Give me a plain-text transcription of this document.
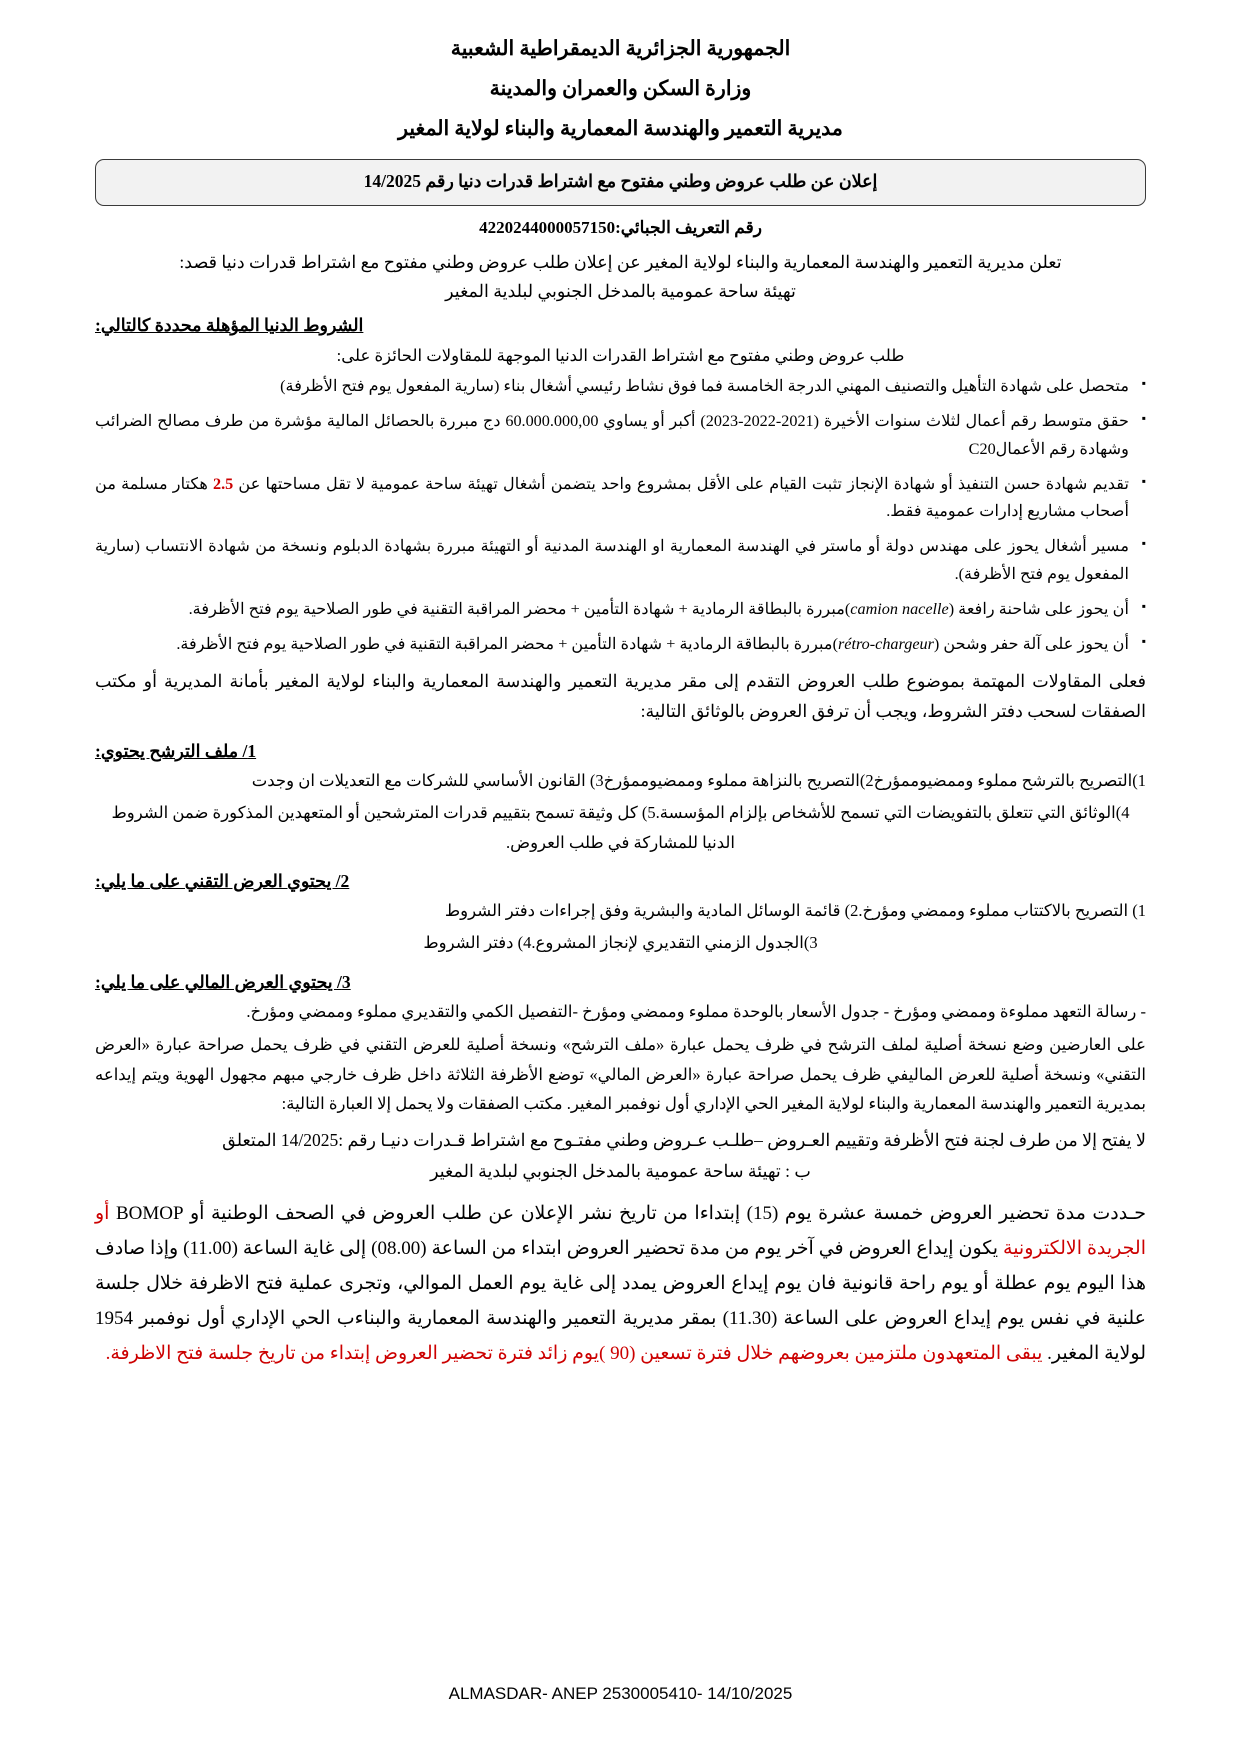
الجمهورية الجزائرية الديمقراطية الشعبية
وزارة السكن والعمران والمدينة
مديرية التعمير والهندسة المعمارية والبناء لولاية المغير
إعلان عن طلب عروض وطني مفتوح مع اشتراط قدرات دنيا رقم 14/2025
رقم التعريف الجبائي:4220244000057150
تعلن مديرية التعمير والهندسة المعمارية والبناء لولاية المغير عن إعلان طلب عروض وطني مفتوح مع اشتراط قدرات دنيا قصد:
تهيئة ساحة عمومية بالمدخل الجنوبي لبلدية المغير
الشروط الدنيا المؤهلة محددة كالتالي:
طلب عروض وطني مفتوح مع اشتراط القدرات الدنيا الموجهة للمقاولات الحائزة على:
▪ متحصل على شهادة التأهيل والتصنيف المهني الدرجة الخامسة فما فوق نشاط رئيسي أشغال بناء (سارية المفعول يوم فتح الأظرفة)
▪ حقق متوسط رقم أعمال لثلاث سنوات الأخيرة (2021-2022-2023) أكبر أو يساوي 60.000.000,00 دج مبررة بالحصائل المالية مؤشرة من طرف مصالح الضرائب وشهادة رقم الأعمالC20
▪ تقديم شهادة حسن التنفيذ أو شهادة الإنجاز تثبت القيام على الأقل بمشروع واحد يتضمن أشغال تهيئة ساحة عمومية لا تقل مساحتها عن 2.5 هكتار مسلمة من أصحاب مشاريع إدارات عمومية فقط.
▪ مسير أشغال يحوز على مهندس دولة أو ماستر في الهندسة المعمارية او الهندسة المدنية أو التهيئة مبررة بشهادة الدبلوم ونسخة من شهادة الانتساب (سارية المفعول يوم فتح الأظرفة).
▪ أن يحوز على شاحنة رافعة (camion nacelle)مبررة بالبطاقة الرمادية + شهادة التأمين + محضر المراقبة التقنية في طور الصلاحية يوم فتح الأظرفة.
▪ أن يحوز على آلة حفر وشحن (rétro-chargeur)مبررة بالبطاقة الرمادية + شهادة التأمين + محضر المراقبة التقنية في طور الصلاحية يوم فتح الأظرفة.
فعلى المقاولات المهتمة بموضوع طلب العروض التقدم إلى مقر مديرية التعمير والهندسة المعمارية والبناء لولاية المغير بأمانة المديرية أو مكتب الصفقات لسحب دفتر الشروط، ويجب أن ترفق العروض بالوثائق التالية:
1/ ملف الترشح يحتوي:
1)التصريح بالترشح مملوء وممضيوممؤرخ2)التصريح بالنزاهة مملوء وممضيوممؤرخ3) القانون الأساسي للشركات مع التعديلات ان وجدت
4)الوثائق التي تتعلق بالتفويضات التي تسمح للأشخاص بإلزام المؤسسة.5) كل وثيقة تسمح بتقييم قدرات المترشحين أو المتعهدين المذكورة ضمن الشروط الدنيا للمشاركة في طلب العروض.
2/ يحتوي العرض التقني على ما يلي:
1) التصريح بالاكتتاب مملوء وممضي ومؤرخ.2) قائمة الوسائل المادية والبشرية وفق إجراءات دفتر الشروط
3)الجدول الزمني التقديري لإنجاز المشروع.4) دفتر الشروط
3/ يحتوي العرض المالي على ما يلي:
- رسالة التعهد مملوءة وممضي ومؤرخ - جدول الأسعار بالوحدة مملوء وممضي ومؤرخ -التفصيل الكمي والتقديري مملوء وممضي ومؤرخ.
على العارضين وضع نسخة أصلية لملف الترشح في ظرف يحمل عبارة «ملف الترشح» ونسخة أصلية للعرض التقني في ظرف يحمل صراحة عبارة «العرض التقني» ونسخة أصلية للعرض الماليفي ظرف يحمل صراحة عبارة «العرض المالي» توضع الأظرفة الثلاثة داخل ظرف خارجي مبهم مجهول الهوية ويتم إيداعه بمديرية التعمير والهندسة المعمارية والبناء لولاية المغير الحي الإداري أول نوفمبر المغير. مكتب الصفقات ولا يحمل إلا العبارة التالية:
لا يفتح إلا من طرف لجنة فتح الأظرفة وتقييم العـروض –طلـب عـروض وطني مفتـوح مع اشتراط قـدرات دنيـا رقم :14/2025 المتعلق
ب : تهيئة ساحة عمومية بالمدخل الجنوبي لبلدية المغير
حـددت مدة تحضير العروض خمسة عشرة يوم (15) إبتداءا من تاريخ نشر الإعلان عن طلب العروض في الصحف الوطنية أو BOMOP أو الجريدة الالكترونية يكون إيداع العروض في آخر يوم من مدة تحضير العروض ابتداء من الساعة (08.00) إلى غاية الساعة (11.00) وإذا صادف هذا اليوم يوم عطلة أو يوم راحة قانونية فان يوم إيداع العروض يمدد إلى غاية يوم العمل الموالي، وتجرى عملية فتح الاظرفة خلال جلسة علنية في نفس يوم إيداع العروض على الساعة (11.30) بمقر مديرية التعمير والهندسة المعمارية والبناءب الحي الإداري أول نوفمبر 1954 لولاية المغير. يبقى المتعهدون ملتزمين بعروضهم خلال فترة تسعين (90 )يوم زائد فترة تحضير العروض إبتداء من تاريخ جلسة فتح الاظرفة.
ALMASDAR- ANEP 2530005410- 14/10/2025
